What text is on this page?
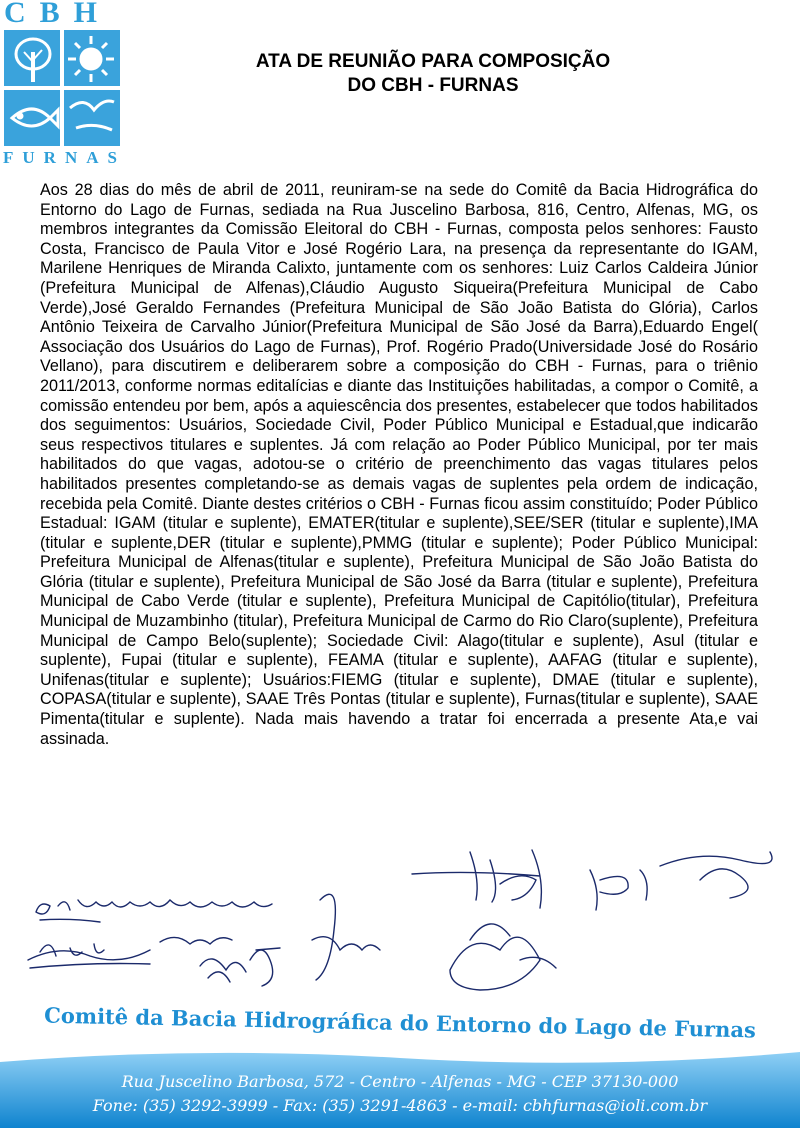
CBH
FURNAS
ATA DE REUNIÃO PARA COMPOSIÇÃO
DO CBH - FURNAS
Aos 28 dias do mês de abril de 2011, reuniram-se na sede do Comitê da Bacia Hidrográfica do Entorno do Lago de Furnas, sediada na Rua Juscelino Barbosa, 816, Centro, Alfenas, MG, os membros integrantes da Comissão Eleitoral do CBH - Furnas, composta pelos senhores: Fausto Costa, Francisco de Paula Vitor e José Rogério Lara, na presença da representante do IGAM, Marilene Henriques de Miranda Calixto, juntamente com os senhores: Luiz Carlos Caldeira Júnior (Prefeitura Municipal de Alfenas),Cláudio Augusto Siqueira(Prefeitura Municipal de Cabo Verde),José Geraldo Fernandes (Prefeitura Municipal de São João Batista do Glória), Carlos Antônio Teixeira de Carvalho Júnior(Prefeitura Municipal de São José da Barra),Eduardo Engel( Associação dos Usuários do Lago de Furnas), Prof. Rogério Prado(Universidade José do Rosário Vellano), para discutirem e deliberarem sobre a composição do CBH - Furnas, para o triênio 2011/2013, conforme normas editalícias e diante das Instituições habilitadas, a compor o Comitê, a comissão entendeu por bem, após a aquiescência dos presentes, estabelecer que todos habilitados dos seguimentos: Usuários, Sociedade Civil, Poder Público Municipal e Estadual,que indicarão seus respectivos titulares e suplentes. Já com relação ao Poder Público Municipal, por ter mais habilitados do que vagas, adotou-se o critério de preenchimento das vagas titulares pelos habilitados presentes completando-se as demais vagas de suplentes pela ordem de indicação, recebida pela Comitê. Diante destes critérios o CBH - Furnas ficou assim constituído; Poder Público Estadual: IGAM (titular e suplente), EMATER(titular e suplente),SEE/SER (titular e suplente),IMA (titular e suplente,DER (titular e suplente),PMMG (titular e suplente); Poder Público Municipal: Prefeitura Municipal de Alfenas(titular e suplente), Prefeitura Municipal de São João Batista do Glória (titular e suplente), Prefeitura Municipal de São José da Barra (titular e suplente), Prefeitura Municipal de Cabo Verde (titular e suplente), Prefeitura Municipal de Capitólio(titular), Prefeitura Municipal de Muzambinho (titular), Prefeitura Municipal de Carmo do Rio Claro(suplente), Prefeitura Municipal de Campo Belo(suplente); Sociedade Civil: Alago(titular e suplente), Asul (titular e suplente), Fupai (titular e suplente), FEAMA (titular e suplente), AAFAG (titular e suplente), Unifenas(titular e suplente); Usuários:FIEMG (titular e suplente), DMAE (titular e suplente), COPASA(titular e suplente), SAAE Três Pontas (titular e suplente), Furnas(titular e suplente), SAAE Pimenta(titular e suplente). Nada mais havendo a tratar foi encerrada a presente Ata,e vai assinada.
Comitê da Bacia Hidrográfica do Entorno do Lago de Furnas
Rua Juscelino Barbosa, 572 - Centro - Alfenas - MG - CEP 37130-000
Fone: (35) 3292-3999 - Fax: (35) 3291-4863 - e-mail: cbhfurnas@ioli.com.br
